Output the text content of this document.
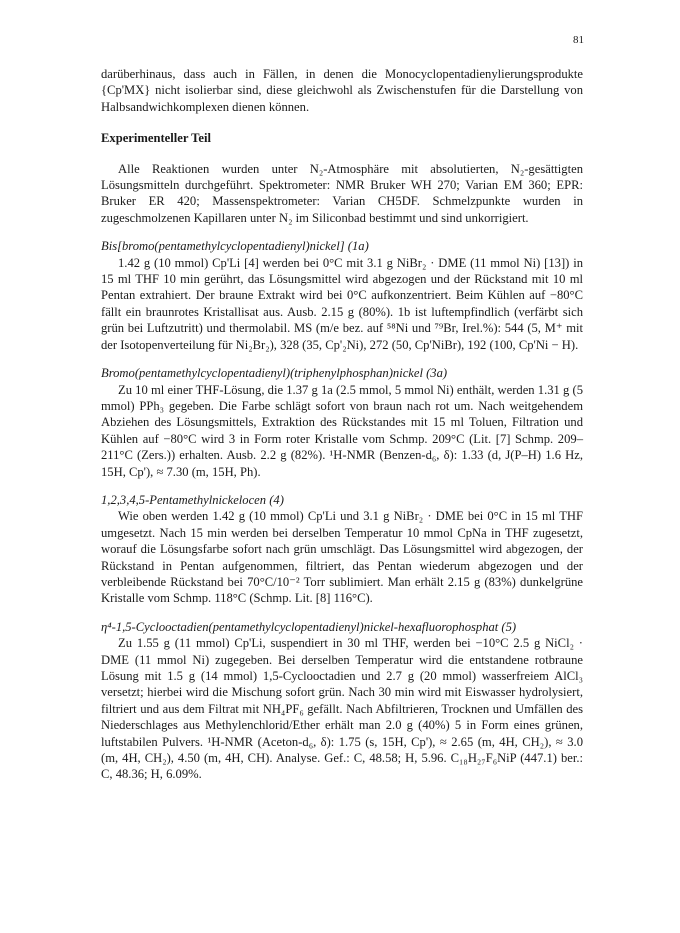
81

darüberhinaus, dass auch in Fällen, in denen die Monocyclopentadienylierungsprodukte {Cp'MX} nicht isolierbar sind, diese gleichwohl als Zwischenstufen für die Darstellung von Halbsandwichkomplexen dienen können.

Experimenteller Teil

Alle Reaktionen wurden unter N₂-Atmosphäre mit absolutierten, N₂-gesättigten Lösungsmitteln durchgeführt. Spektrometer: NMR Bruker WH 270; Varian EM 360; EPR: Bruker ER 420; Massenspektrometer: Varian CH5DF. Schmelzpunkte wurden in zugeschmolzenen Kapillaren unter N₂ im Siliconbad bestimmt und sind unkorrigiert.

Bis[bromo(pentamethylcyclopentadienyl)nickel] (1a)

1.42 g (10 mmol) Cp'Li [4] werden bei 0°C mit 3.1 g NiBr₂ · DME (11 mmol Ni) [13]) in 15 ml THF 10 min gerührt, das Lösungsmittel wird abgezogen und der Rückstand mit 10 ml Pentan extrahiert. Der braune Extrakt wird bei 0°C aufkonzentriert. Beim Kühlen auf −80°C fällt ein braunrotes Kristallisat aus. Ausb. 2.15 g (80%). 1b ist luftempfindlich (verfärbt sich grün bei Luftzutritt) und thermolabil. MS (m/e bez. auf ⁵⁸Ni und ⁷⁹Br, Irel.%): 544 (5, M⁺ mit der Isotopenverteilung für Ni₂Br₂), 328 (35, Cp'₂Ni), 272 (50, Cp'NiBr), 192 (100, Cp'Ni − H).

Bromo(pentamethylcyclopentadienyl)(triphenylphosphan)nickel (3a)

Zu 10 ml einer THF-Lösung, die 1.37 g 1a (2.5 mmol, 5 mmol Ni) enthält, werden 1.31 g (5 mmol) PPh₃ gegeben. Die Farbe schlägt sofort von braun nach rot um. Nach weitgehendem Abziehen des Lösungsmittels, Extraktion des Rückstandes mit 15 ml Toluen, Filtration und Kühlen auf −80°C wird 3 in Form roter Kristalle vom Schmp. 209°C (Lit. [7] Schmp. 209–211°C (Zers.)) erhalten. Ausb. 2.2 g (82%). ¹H-NMR (Benzen-d₆, δ): 1.33 (d, J(P–H) 1.6 Hz, 15H, Cp'), ≈ 7.30 (m, 15H, Ph).

1,2,3,4,5-Pentamethylnickelocen (4)

Wie oben werden 1.42 g (10 mmol) Cp'Li und 3.1 g NiBr₂ · DME bei 0°C in 15 ml THF umgesetzt. Nach 15 min werden bei derselben Temperatur 10 mmol CpNa in THF zugesetzt, worauf die Lösungsfarbe sofort nach grün umschlägt. Das Lösungsmittel wird abgezogen, der Rückstand in Pentan aufgenommen, filtriert, das Pentan wiederum abgezogen und der verbleibende Rückstand bei 70°C/10⁻² Torr sublimiert. Man erhält 2.15 g (83%) dunkelgrüne Kristalle vom Schmp. 118°C (Schmp. Lit. [8] 116°C).

η⁴-1,5-Cyclooctadien(pentamethylcyclopentadienyl)nickel-hexafluorophosphat (5)

Zu 1.55 g (11 mmol) Cp'Li, suspendiert in 30 ml THF, werden bei −10°C 2.5 g NiCl₂ · DME (11 mmol Ni) zugegeben. Bei derselben Temperatur wird die entstandene rotbraune Lösung mit 1.5 g (14 mmol) 1,5-Cyclooctadien und 2.7 g (20 mmol) wasserfreiem AlCl₃ versetzt; hierbei wird die Mischung sofort grün. Nach 30 min wird mit Eiswasser hydrolysiert, filtriert und aus dem Filtrat mit NH₄PF₆ gefällt. Nach Abfiltrieren, Trocknen und Umfällen des Niederschlages aus Methylenchlorid/Ether erhält man 2.0 g (40%) 5 in Form eines grünen, luftstabilen Pulvers. ¹H-NMR (Aceton-d₆, δ): 1.75 (s, 15H, Cp'), ≈ 2.65 (m, 4H, CH₂), ≈ 3.0 (m, 4H, CH₂), 4.50 (m, 4H, CH). Analyse. Gef.: C, 48.58; H, 5.96. C₁₈H₂₇F₆NiP (447.1) ber.: C, 48.36; H, 6.09%.
